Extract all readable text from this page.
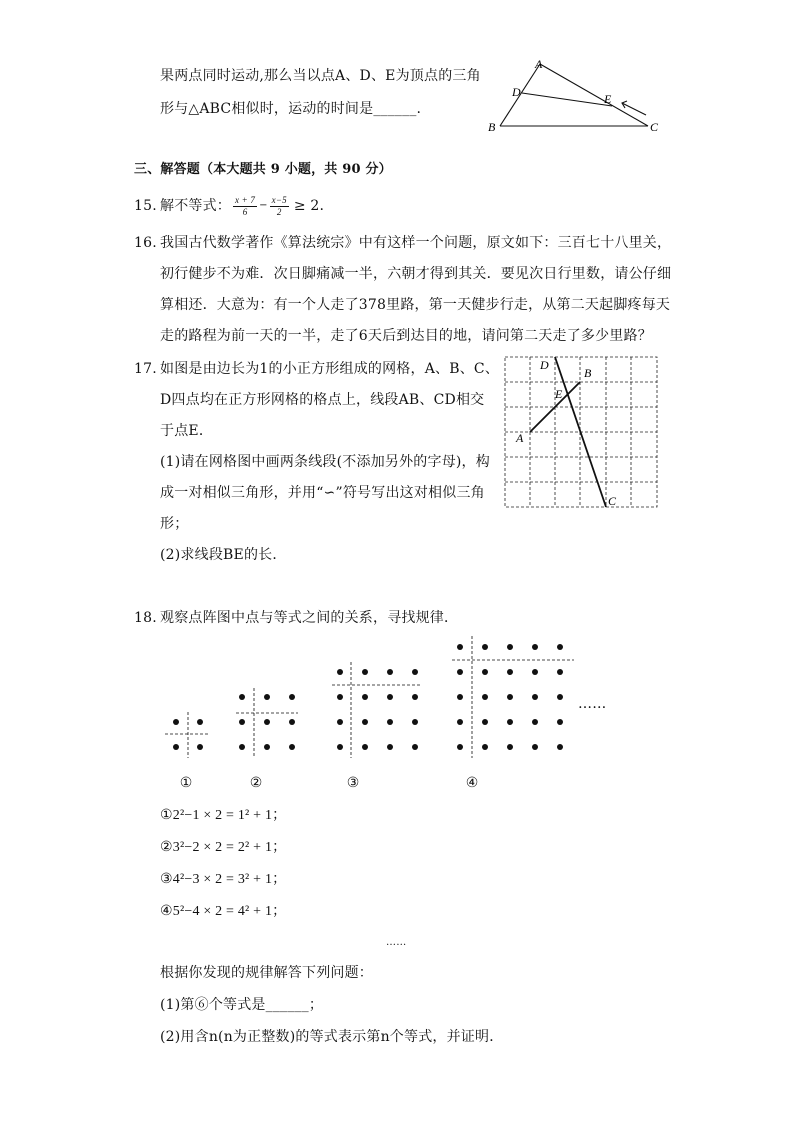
果两点同时运动,那么当以点A、D、E为顶点的三角
形与△ABC相似时，运动的时间是______.
A
D	E
B	C
三、解答题（本大题共 9 小题，共 90 分）
15. 解不等式： $\frac{x + 7}{6} - \frac{x-5}{2} \ge 2$.
16. 我国古代数学著作《算法统宗》中有这样一个问题，原文如下：三百七十八里关，
初行健步不为难．次日脚痛减一半，六朝才得到其关．要见次日行里数，请公仔细
算相还．大意为：有一个人走了378里路，第一天健步行走，从第二天起脚疼每天
走的路程为前一天的一半，走了6天后到达目的地，请问第二天走了多少里路？
17. 如图是由边长为1的小正方形组成的网格，A、B、C、
D四点均在正方形网格的格点上，线段AB、CD相交
于点E．
(1)请在网格图中画两条线段(不添加另外的字母)，构
成一对相似三角形，并用“∽”符号写出这对相似三角
形；
(2)求线段BE的长．
D
B
E
A
C
18. 观察点阵图中点与等式之间的关系，寻找规律．
……
①	②	③	④
①2²−1 × 2 = 1² + 1；
②3²−2 × 2 = 2² + 1；
③4²−3 × 2 = 3² + 1；
④5²−4 × 2 = 4² + 1；
……
根据你发现的规律解答下列问题：
(1)第⑥个等式是______；
(2)用含n(n为正整数)的等式表示第n个等式，并证明．
